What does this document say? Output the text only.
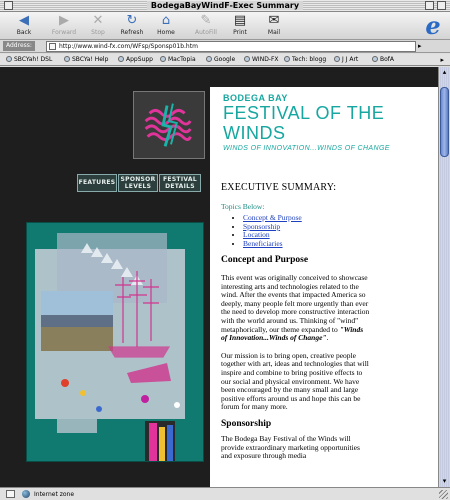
BodegaBayWindF-Exec Summary
◀
Back
▶
Forward
✕
Stop
↻
Refresh
⌂
Home
✎
AutoFill
▤
Print
✉
Mail	e
Address:	http://www.wind-fx.com/WFsp/Sponsp01b.htm	▸
SBCYah! DSL	SBCYa! Help	AppSupp	MacTopia	Google	WIND-FX	Tech: blogg	J J Art	BofA	▸
FEATURES SPONSOR
LEVELS
FESTIVAL
DETAILS
BODEGA BAY
FESTIVAL OF THE WINDS
WINDS OF INNOVATION...WINDS OF CHANGE
EXECUTIVE SUMMARY:
Topics Below:
• Concept & Purpose
• Sponsorship
• Location
• Beneficiaries
Concept and Purpose

This event was originally conceived to showcase interesting arts and technologies related to the wind. After the events that impacted America so deeply, many people felt more urgently than ever the need to develop more constructive interaction with the world around us. Thinking of "wind" metaphorically, our theme expanded to "Winds of Innovation...Winds of Change".

Our mission is to bring open, creative people together with art, ideas and technologies that will inspire and combine to bring positive effects to our social and physical environment. We have been encouraged by the many small and large positive efforts around us and hope this can be forum for many more.

Sponsorship

The Bodega Bay Festival of the Winds will provide extraordinary marketing opportunities and exposure through media

▴
▾
Internet zone
